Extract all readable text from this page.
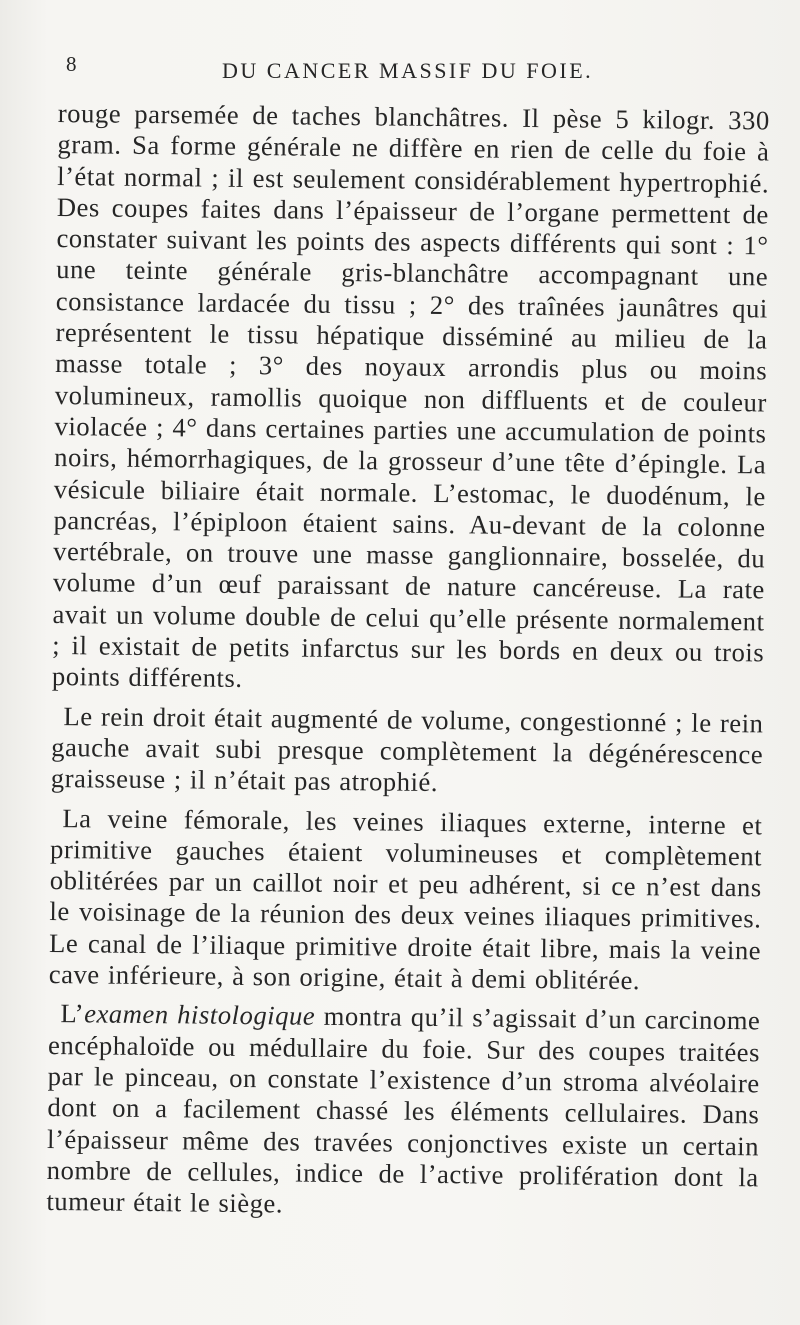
8	DU CANCER MASSIF DU FOIE.

rouge parsemée de taches blanchâtres. Il pèse 5 kilogr. 330 gram. Sa forme générale ne diffère en rien de celle du foie à l’état normal ; il est seulement considérablement hypertrophié. Des coupes faites dans l’épaisseur de l’organe permettent de constater suivant les points des aspects différents qui sont : 1° une teinte générale gris-blanchâtre accompagnant une consistance lardacée du tissu ; 2° des traînées jaunâtres qui représentent le tissu hépatique disséminé au milieu de la masse totale ; 3° des noyaux arrondis plus ou moins volumineux, ramollis quoique non diffluents et de couleur violacée ; 4° dans certaines parties une accumulation de points noirs, hémorrhagiques, de la grosseur d’une tête d’épingle. La vésicule biliaire était normale. L’estomac, le duodénum, le pancréas, l’épiploon étaient sains. Au-devant de la colonne vertébrale, on trouve une masse ganglionnaire, bosselée, du volume d’un œuf paraissant de nature cancéreuse. La rate avait un volume double de celui qu’elle présente normalement ; il existait de petits infarctus sur les bords en deux ou trois points différents.

Le rein droit était augmenté de volume, congestionné ; le rein gauche avait subi presque complètement la dégénérescence graisseuse ; il n’était pas atrophié.

La veine fémorale, les veines iliaques externe, interne et primitive gauches étaient volumineuses et complètement oblitérées par un caillot noir et peu adhérent, si ce n’est dans le voisinage de la réunion des deux veines iliaques primitives. Le canal de l’iliaque primitive droite était libre, mais la veine cave inférieure, à son origine, était à demi oblitérée.

L’examen histologique montra qu’il s’agissait d’un carcinome encéphaloïde ou médullaire du foie. Sur des coupes traitées par le pinceau, on constate l’existence d’un stroma alvéolaire dont on a facilement chassé les éléments cellulaires. Dans l’épaisseur même des travées conjonctives existe un certain nombre de cellules, indice de l’active prolifération dont la tumeur était le siège.
